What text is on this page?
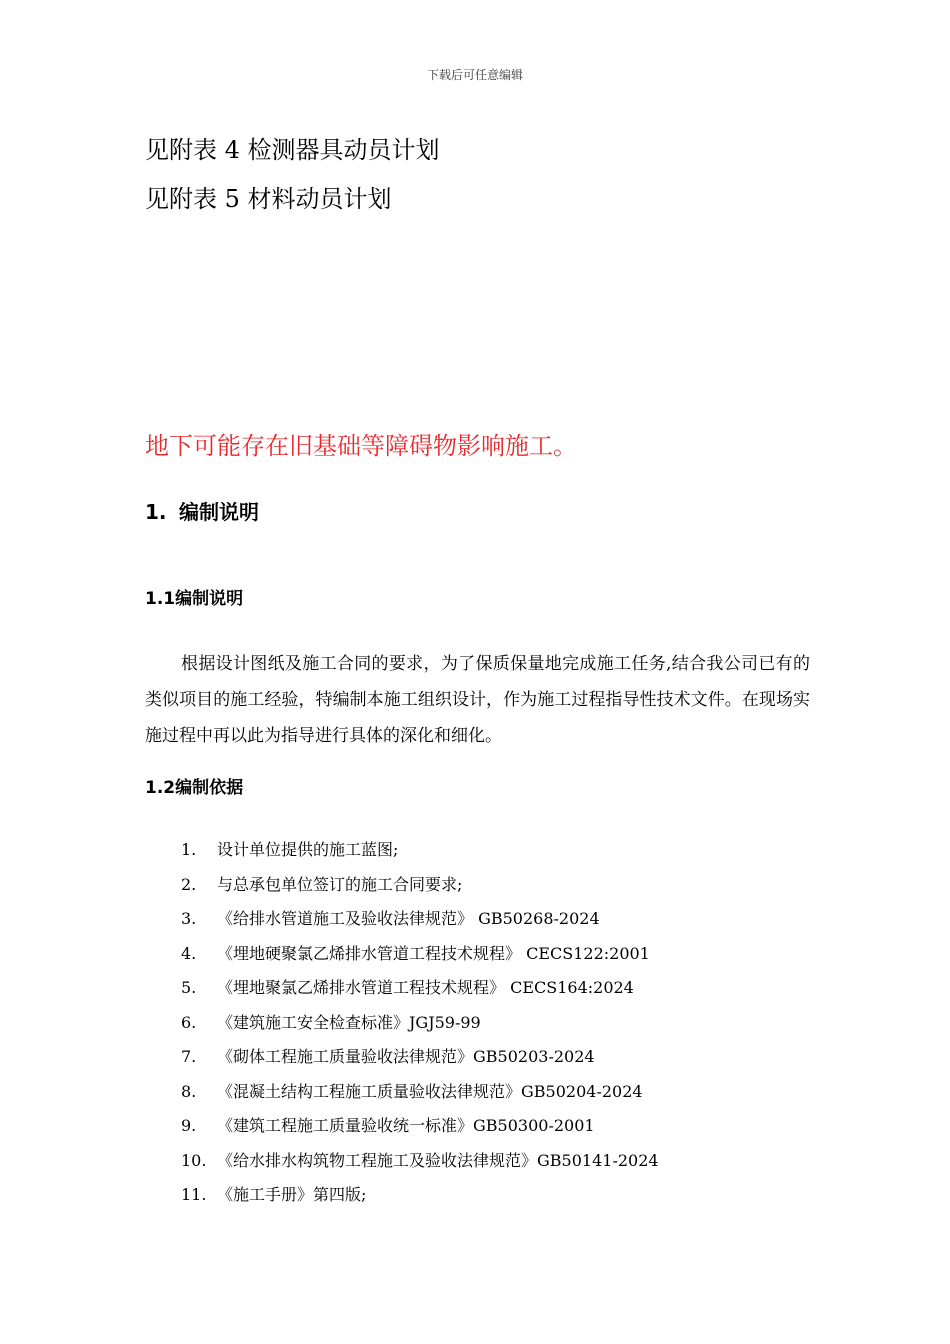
下载后可任意编辑
见附表 4 检测器具动员计划
见附表 5 材料动员计划
地下可能存在旧基础等障碍物影响施工。
1. 编制说明
1.1编制说明
根据设计图纸及施工合同的要求，为了保质保量地完成施工任务,结合我公司已有的类似项目的施工经验，特编制本施工组织设计，作为施工过程指导性技术文件。在现场实施过程中再以此为指导进行具体的深化和细化。
1.2编制依据
1. 设计单位提供的施工蓝图;
2. 与总承包单位签订的施工合同要求;
3. 《给排水管道施工及验收法律规范》 GB50268-2024
4. 《埋地硬聚氯乙烯排水管道工程技术规程》 CECS122:2001
5. 《埋地聚氯乙烯排水管道工程技术规程》 CECS164:2024
6. 《建筑施工安全检查标准》JGJ59-99
7. 《砌体工程施工质量验收法律规范》GB50203-2024
8. 《混凝土结构工程施工质量验收法律规范》GB50204-2024
9. 《建筑工程施工质量验收统一标准》GB50300-2001
10. 《给水排水构筑物工程施工及验收法律规范》GB50141-2024
11. 《施工手册》第四版;
